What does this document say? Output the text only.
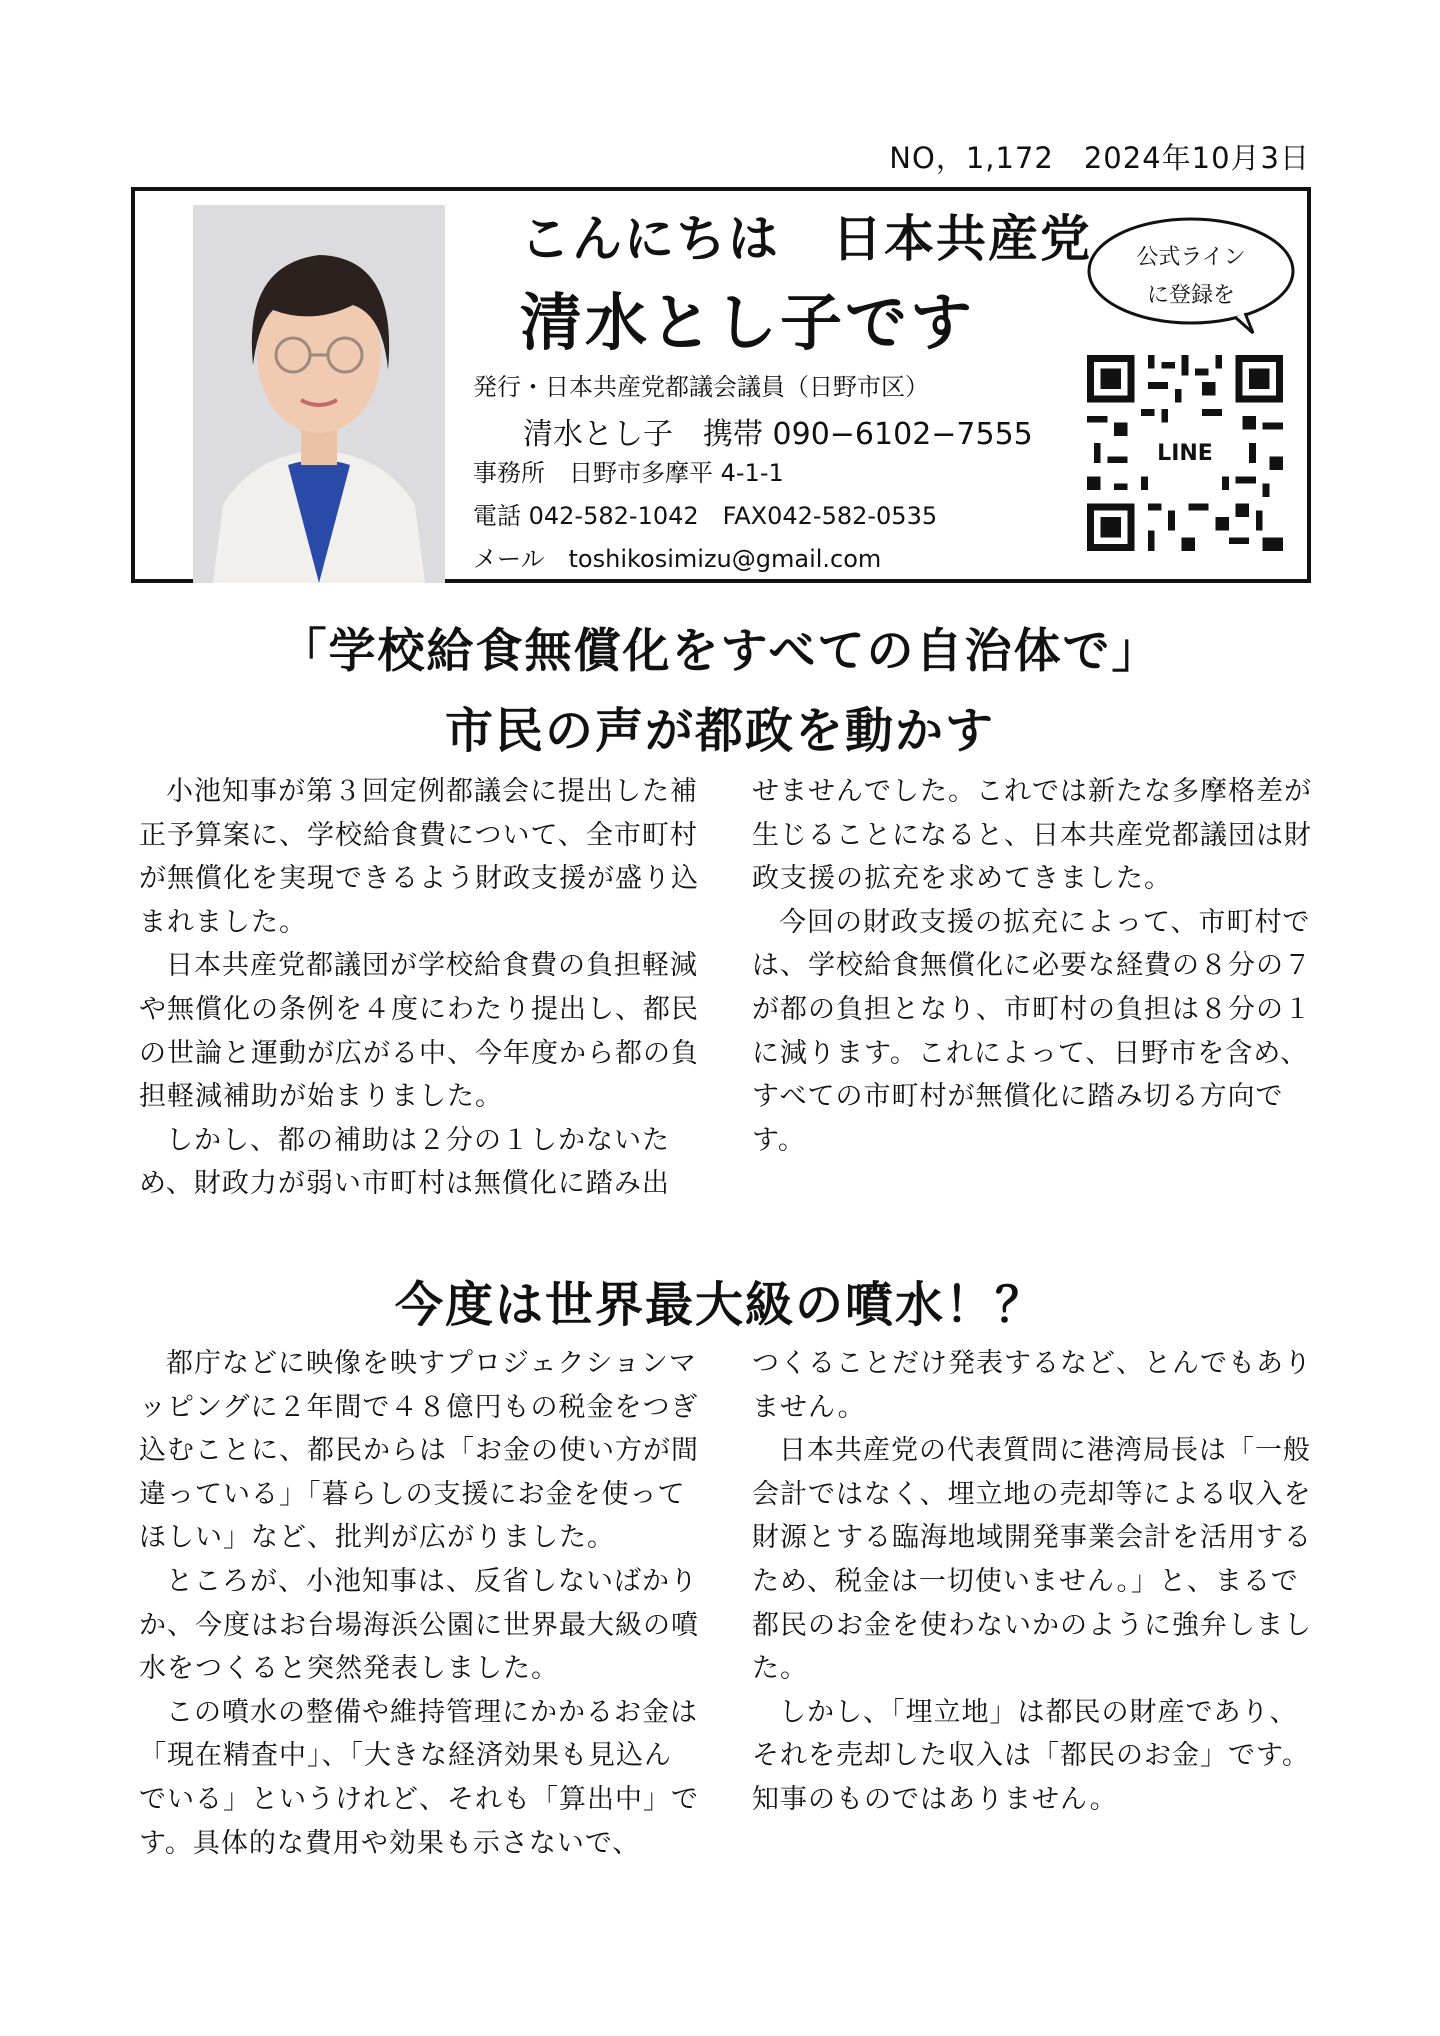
NO，1,172　2024年10月3日
こんにちは　日本共産党
清水とし子です
発行・日本共産党都議会議員（日野市区）
清水とし子　携帯 090−6102−7555
事務所　日野市多摩平 4-1-1
電話 042-582-1042　FAX042-582-0535
メール　toshikosimizu@gmail.com
公式ライン
に登録を
LINE
「学校給食無償化をすべての自治体で」
市民の声が都政を動かす

小池知事が第３回定例都議会に提出した補正予算案に、学校給食費について、全市町村が無償化を実現できるよう財政支援が盛り込まれました。

日本共産党都議団が学校給食費の負担軽減や無償化の条例を４度にわたり提出し、都民の世論と運動が広がる中、今年度から都の負担軽減補助が始まりました。

しかし、都の補助は２分の１しかないため、財政力が弱い市町村は無償化に踏み出

せませんでした。これでは新たな多摩格差が生じることになると、日本共産党都議団は財政支援の拡充を求めてきました。

今回の財政支援の拡充によって、市町村では、学校給食無償化に必要な経費の８分の７が都の負担となり、市町村の負担は８分の１に減ります。これによって、日野市を含め、すべての市町村が無償化に踏み切る方向です。

今度は世界最大級の噴水！？

都庁などに映像を映すプロジェクションマッピングに２年間で４８億円もの税金をつぎ込むことに、都民からは「お金の使い方が間違っている」「暮らしの支援にお金を使ってほしい」など、批判が広がりました。

ところが、小池知事は、反省しないばかりか、今度はお台場海浜公園に世界最大級の噴水をつくると突然発表しました。

この噴水の整備や維持管理にかかるお金は「現在精査中」、「大きな経済効果も見込んでいる」というけれど、それも「算出中」です。具体的な費用や効果も示さないで、

つくることだけ発表するなど、とんでもありません。

日本共産党の代表質問に港湾局長は「一般会計ではなく、埋立地の売却等による収入を財源とする臨海地域開発事業会計を活用するため、税金は一切使いません。」と、まるで都民のお金を使わないかのように強弁しました。

しかし、「埋立地」は都民の財産であり、それを売却した収入は「都民のお金」です。知事のものではありません。
